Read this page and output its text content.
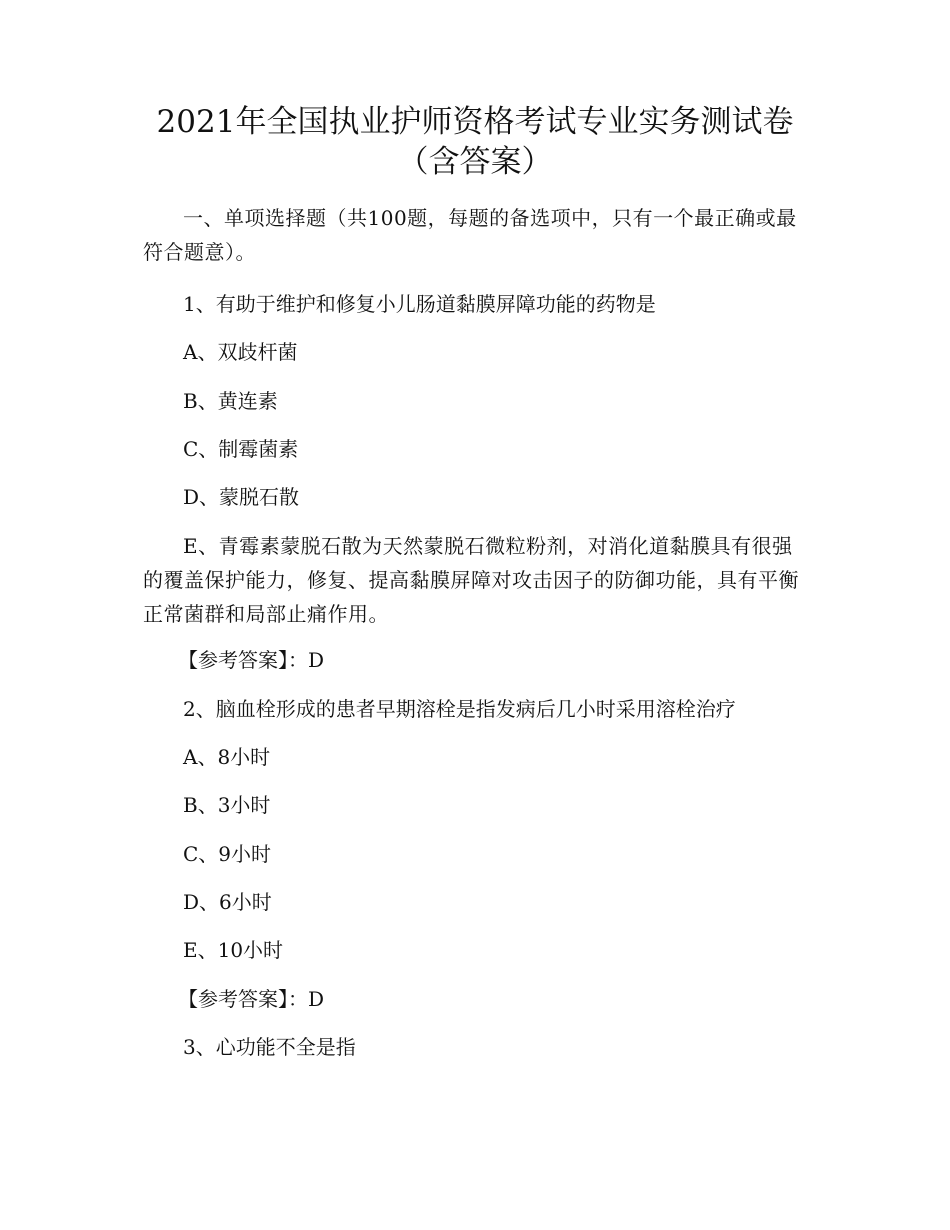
2021年全国执业护师资格考试专业实务测试卷
（含答案）

一、单项选择题（共100题，每题的备选项中，只有一个最正确或最符合题意）。

1、有助于维护和修复小儿肠道黏膜屏障功能的药物是

A、双歧杆菌

B、黄连素

C、制霉菌素

D、蒙脱石散

E、青霉素蒙脱石散为天然蒙脱石微粒粉剂，对消化道黏膜具有很强的覆盖保护能力，修复、提高黏膜屏障对攻击因子的防御功能，具有平衡正常菌群和局部止痛作用。

【参考答案】：D

2、脑血栓形成的患者早期溶栓是指发病后几小时采用溶栓治疗

A、8小时

B、3小时

C、9小时

D、6小时

E、10小时

【参考答案】：D

3、心功能不全是指
